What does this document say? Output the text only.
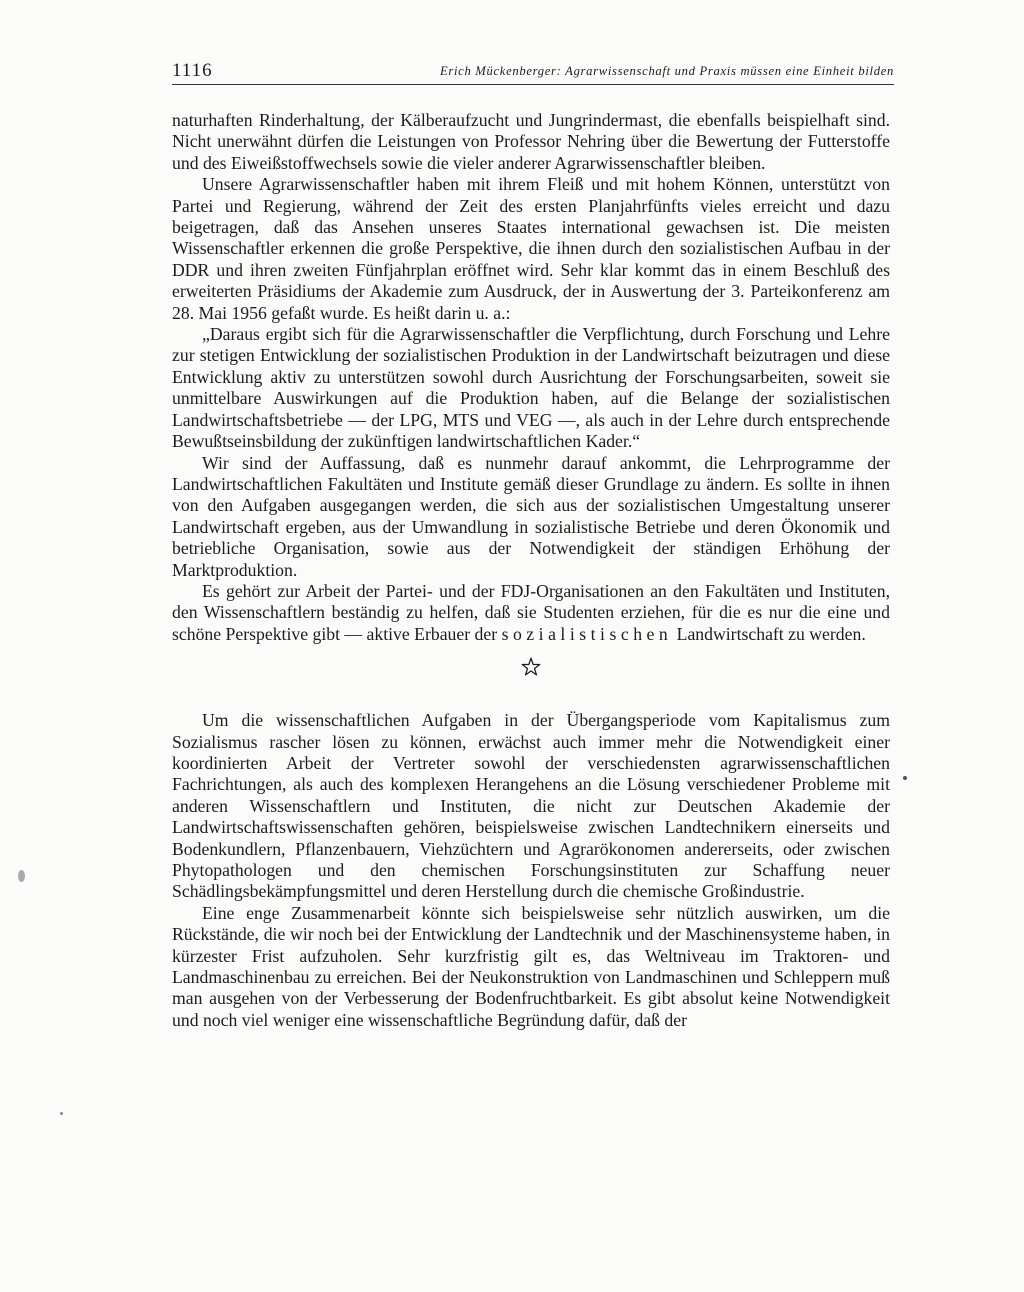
1116	Erich Mückenberger: Agrarwissenschaft und Praxis müssen eine Einheit bilden

naturhaften Rinderhaltung, der Kälberaufzucht und Jungrindermast, die ebenfalls beispielhaft sind. Nicht unerwähnt dürfen die Leistungen von Professor Nehring über die Bewertung der Futterstoffe und des Eiweißstoffwechsels sowie die vieler anderer Agrarwissenschaftler bleiben.

Unsere Agrarwissenschaftler haben mit ihrem Fleiß und mit hohem Können, unterstützt von Partei und Regierung, während der Zeit des ersten Planjahrfünfts vieles erreicht und dazu beigetragen, daß das Ansehen unseres Staates international gewachsen ist. Die meisten Wissenschaftler erkennen die große Perspektive, die ihnen durch den sozialistischen Aufbau in der DDR und ihren zweiten Fünfjahrplan eröffnet wird. Sehr klar kommt das in einem Beschluß des erweiterten Präsidiums der Akademie zum Ausdruck, der in Auswertung der 3. Parteikonferenz am 28. Mai 1956 gefaßt wurde. Es heißt darin u. a.:

„Daraus ergibt sich für die Agrarwissenschaftler die Verpflichtung, durch Forschung und Lehre zur stetigen Entwicklung der sozialistischen Produktion in der Landwirtschaft beizutragen und diese Entwicklung aktiv zu unterstützen sowohl durch Ausrichtung der Forschungsarbeiten, soweit sie unmittelbare Auswirkungen auf die Produktion haben, auf die Belange der sozialistischen Landwirtschaftsbetriebe — der LPG, MTS und VEG —, als auch in der Lehre durch entsprechende Bewußtseinsbildung der zukünftigen landwirtschaftlichen Kader.“

Wir sind der Auffassung, daß es nunmehr darauf ankommt, die Lehrprogramme der Landwirtschaftlichen Fakultäten und Institute gemäß dieser Grundlage zu ändern. Es sollte in ihnen von den Aufgaben ausgegangen werden, die sich aus der sozialistischen Umgestaltung unserer Landwirtschaft ergeben, aus der Umwandlung in sozialistische Betriebe und deren Ökonomik und betriebliche Organisation, sowie aus der Notwendigkeit der ständigen Erhöhung der Marktproduktion.

Es gehört zur Arbeit der Partei- und der FDJ-Organisationen an den Fakultäten und Instituten, den Wissenschaftlern beständig zu helfen, daß sie Studenten erziehen, für die es nur die eine und schöne Perspektive gibt — aktive Erbauer der sozialistischen Landwirtschaft zu werden.

Um die wissenschaftlichen Aufgaben in der Übergangsperiode vom Kapitalismus zum Sozialismus rascher lösen zu können, erwächst auch immer mehr die Notwendigkeit einer koordinierten Arbeit der Vertreter sowohl der verschiedensten agrarwissenschaftlichen Fachrichtungen, als auch des komplexen Herangehens an die Lösung verschiedener Probleme mit anderen Wissenschaftlern und Instituten, die nicht zur Deutschen Akademie der Landwirtschaftswissenschaften gehören, beispielsweise zwischen Landtechnikern einerseits und Bodenkundlern, Pflanzenbauern, Viehzüchtern und Agrarökonomen andererseits, oder zwischen Phytopathologen und den chemischen Forschungsinstituten zur Schaffung neuer Schädlingsbekämpfungsmittel und deren Herstellung durch die chemische Großindustrie.

Eine enge Zusammenarbeit könnte sich beispielsweise sehr nützlich auswirken, um die Rückstände, die wir noch bei der Entwicklung der Landtechnik und der Maschinensysteme haben, in kürzester Frist aufzuholen. Sehr kurzfristig gilt es, das Weltniveau im Traktoren- und Landmaschinenbau zu erreichen. Bei der Neukonstruktion von Landmaschinen und Schleppern muß man ausgehen von der Verbesserung der Bodenfruchtbarkeit. Es gibt absolut keine Notwendigkeit und noch viel weniger eine wissenschaftliche Begründung dafür, daß der
